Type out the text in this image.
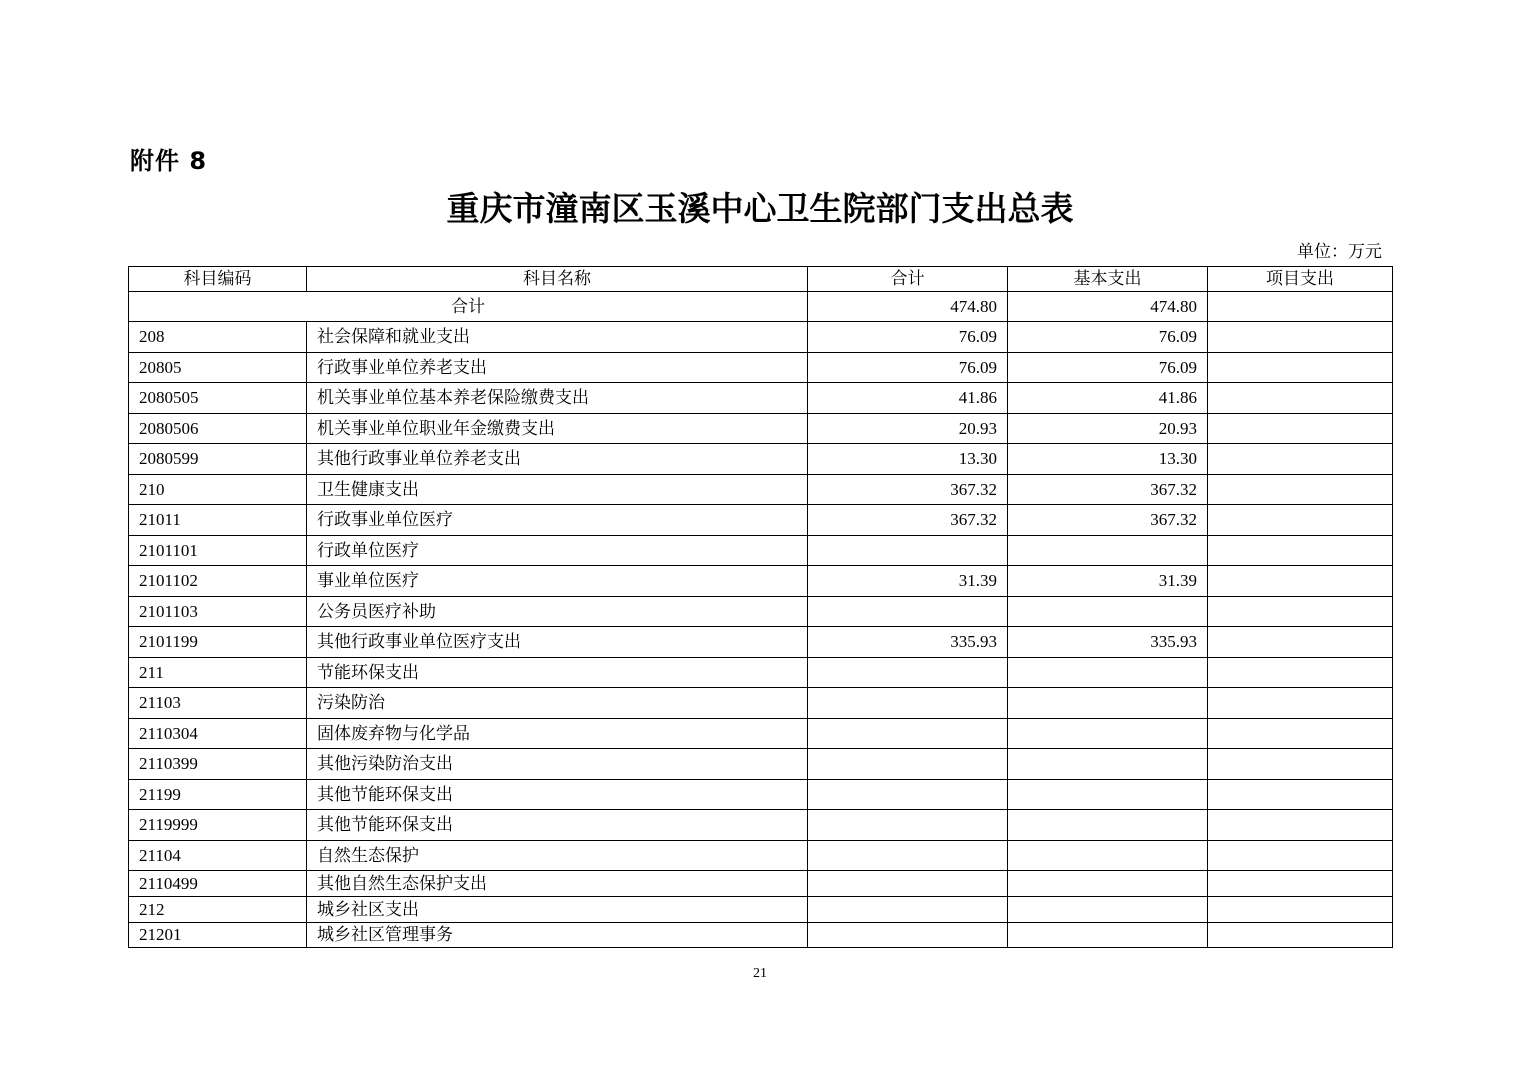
附件 8
重庆市潼南区玉溪中心卫生院部门支出总表
单位：万元
科目编码	科目名称	合计	基本支出	项目支出
合计		474.80	474.80	
208	社会保障和就业支出	76.09	76.09	
20805	行政事业单位养老支出	76.09	76.09	
2080505	机关事业单位基本养老保险缴费支出	41.86	41.86	
2080506	机关事业单位职业年金缴费支出	20.93	20.93	
2080599	其他行政事业单位养老支出	13.30	13.30	
210	卫生健康支出	367.32	367.32	
21011	行政事业单位医疗	367.32	367.32	
2101101	行政单位医疗			
2101102	事业单位医疗	31.39	31.39	
2101103	公务员医疗补助			
2101199	其他行政事业单位医疗支出	335.93	335.93	
211	节能环保支出			
21103	污染防治			
2110304	固体废弃物与化学品			
2110399	其他污染防治支出			
21199	其他节能环保支出			
2119999	其他节能环保支出			
21104	自然生态保护			
2110499	其他自然生态保护支出			
212	城乡社区支出			
21201	城乡社区管理事务			
21
